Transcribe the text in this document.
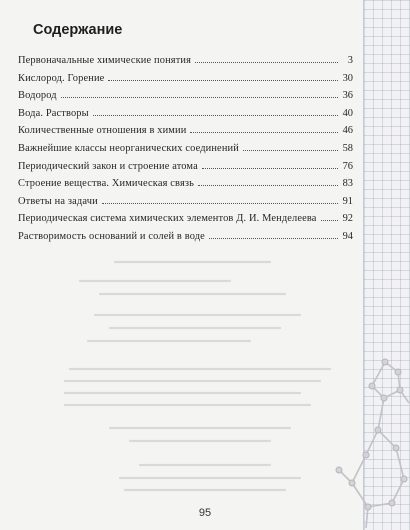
Содержание
Первоначальные химические понятия	3
Кислород. Горение	30
Водород	36
Вода. Растворы	40
Количественные отношения в химии	46
Важнейшие классы неорганических соединений	58
Периодический закон и строение атома	76
Строение вещества. Химическая связь	83
Ответы на задачи	91
Периодическая система химических элементов Д. И. Менделеева	92
Растворимость оснований и солей в воде	94

95
